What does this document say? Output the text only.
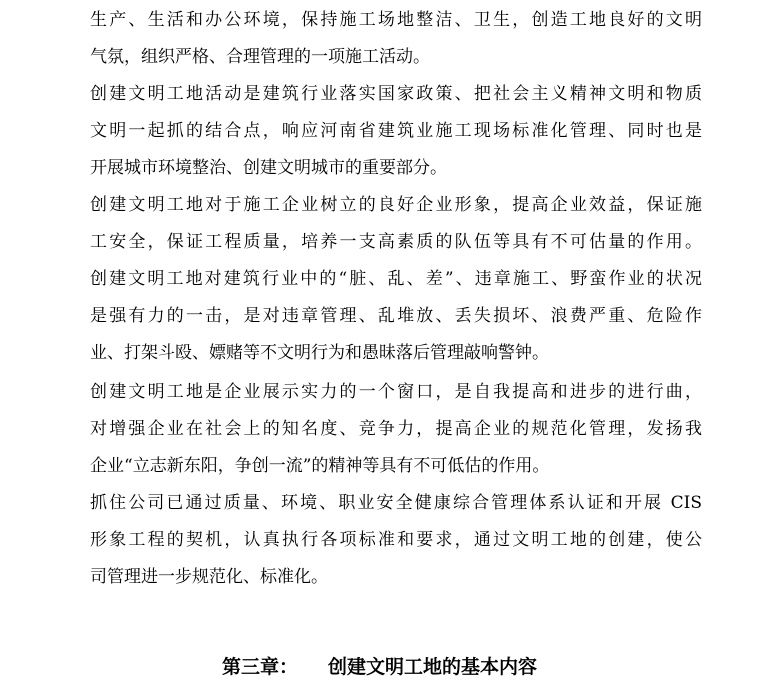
生产、生活和办公环境，保持施工场地整洁、卫生，创造工地良好的文明
气氛，组织严格、合理管理的一项施工活动。
创建文明工地活动是建筑行业落实国家政策、把社会主义精神文明和物质
文明一起抓的结合点，响应河南省建筑业施工现场标准化管理、同时也是
开展城市环境整治、创建文明城市的重要部分。
创建文明工地对于施工企业树立的良好企业形象，提高企业效益，保证施
工安全，保证工程质量，培养一支高素质的队伍等具有不可估量的作用。
创建文明工地对建筑行业中的“脏、乱、差”、违章施工、野蛮作业的状况
是强有力的一击，是对违章管理、乱堆放、丢失损坏、浪费严重、危险作
业、打架斗殴、嫖赌等不文明行为和愚昧落后管理敲响警钟。
创建文明工地是企业展示实力的一个窗口，是自我提高和进步的进行曲，
对增强企业在社会上的知名度、竞争力，提高企业的规范化管理，发扬我
企业“立志新东阳，争创一流”的精神等具有不可低估的作用。
抓住公司已通过质量、环境、职业安全健康综合管理体系认证和开展 CIS
形象工程的契机，认真执行各项标准和要求，通过文明工地的创建，使公
司管理进一步规范化、标准化。
第三章： 创建文明工地的基本内容
